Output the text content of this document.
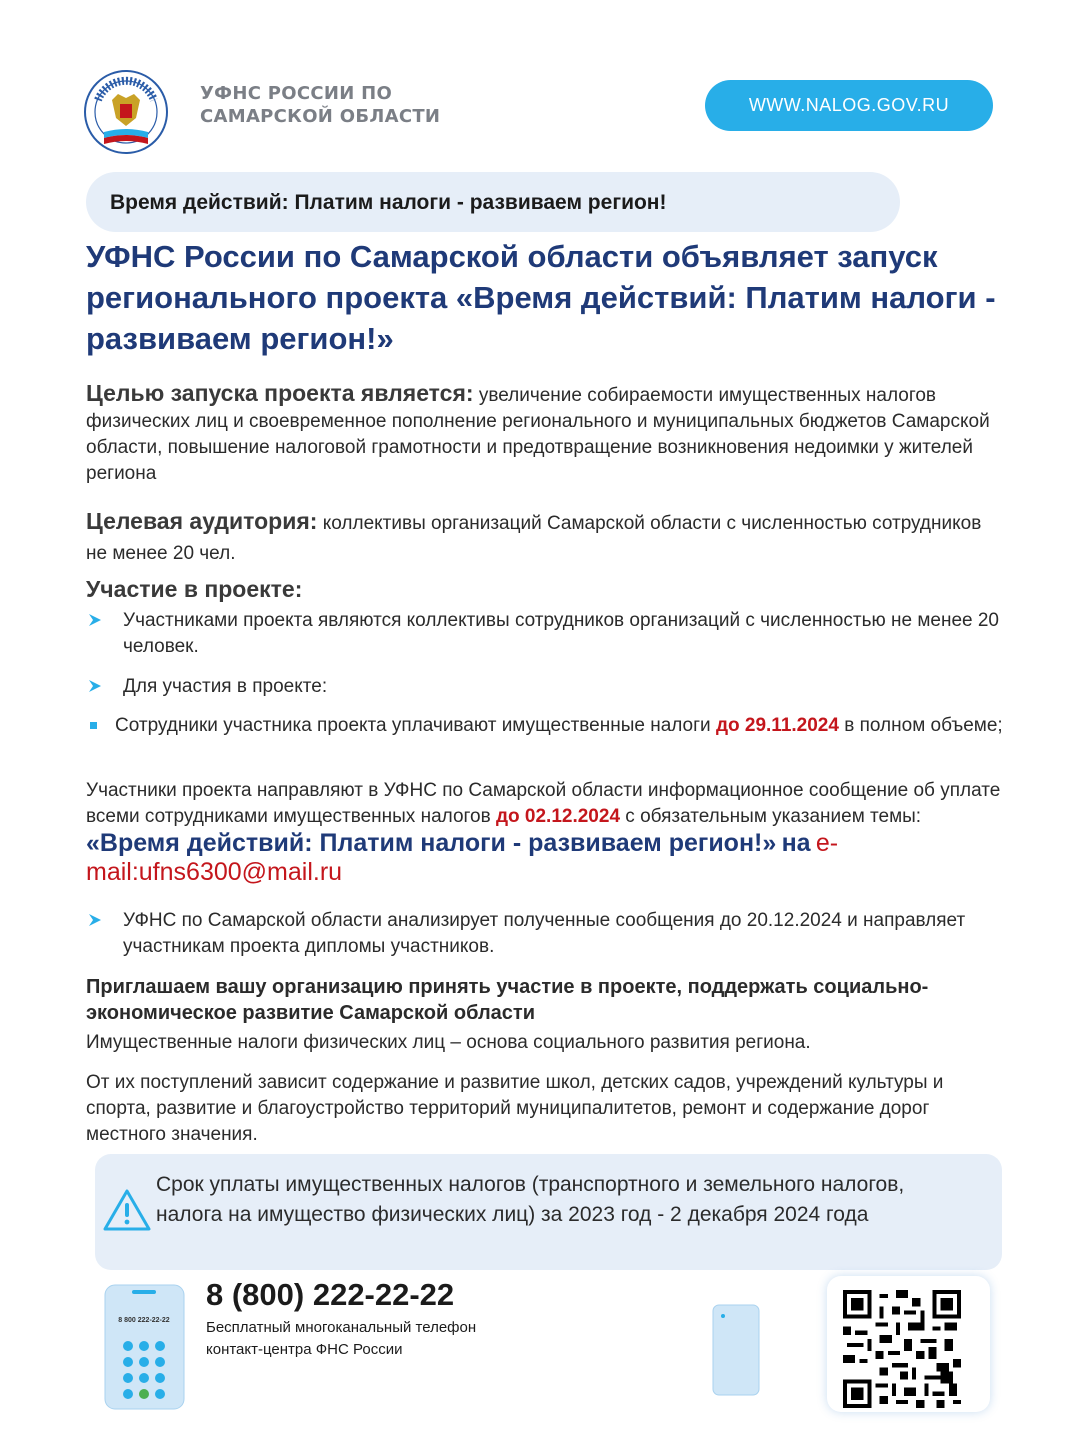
УФНС РОССИИ ПО
САМАРСКОЙ ОБЛАСТИ
WWW.NALOG.GOV.RU
Время действий: Платим налоги - развиваем регион!
УФНС России по Самарской области объявляет запуск регионального проекта «Время действий: Платим налоги - развиваем регион!»
Целью запуска проекта является: увеличение собираемости имущественных налогов физических лиц и своевременное пополнение регионального и муниципальных бюджетов Самарской области, повышение налоговой грамотности и предотвращение возникновения недоимки у жителей региона
Целевая аудитория: коллективы организаций Самарской области с численностью сотрудников не менее 20 чел.
Участие в проекте:
Участниками проекта являются коллективы сотрудников организаций с численностью не менее 20 человек.
Для участия в проекте:
Сотрудники участника проекта уплачивают имущественные налоги до 29.11.2024 в полном объеме;
Участники проекта направляют в УФНС по Самарской области информационное сообщение об уплате всеми сотрудниками имущественных налогов до 02.12.2024 с обязательным указанием темы: «Время действий: Платим налоги - развиваем регион!» на e-mail:ufns6300@mail.ru
УФНС по Самарской области анализирует полученные сообщения до 20.12.2024 и направляет участникам проекта дипломы участников.
Приглашаем вашу организацию принять участие в проекте, поддержать социально-экономическое развитие Самарской области
Имущественные налоги физических лиц – основа социального развития региона.
От их поступлений зависит содержание и развитие школ, детских садов, учреждений культуры и спорта, развитие и благоустройство территорий муниципалитетов, ремонт и содержание дорог местного значения.
Срок уплаты имущественных налогов (транспортного и земельного налогов, налога на имущество физических лиц) за 2023 год - 2 декабря 2024 года
8 800 222-22-22
8 (800) 222-22-22
Бесплатный многоканальный телефон
контакт-центра ФНС России
